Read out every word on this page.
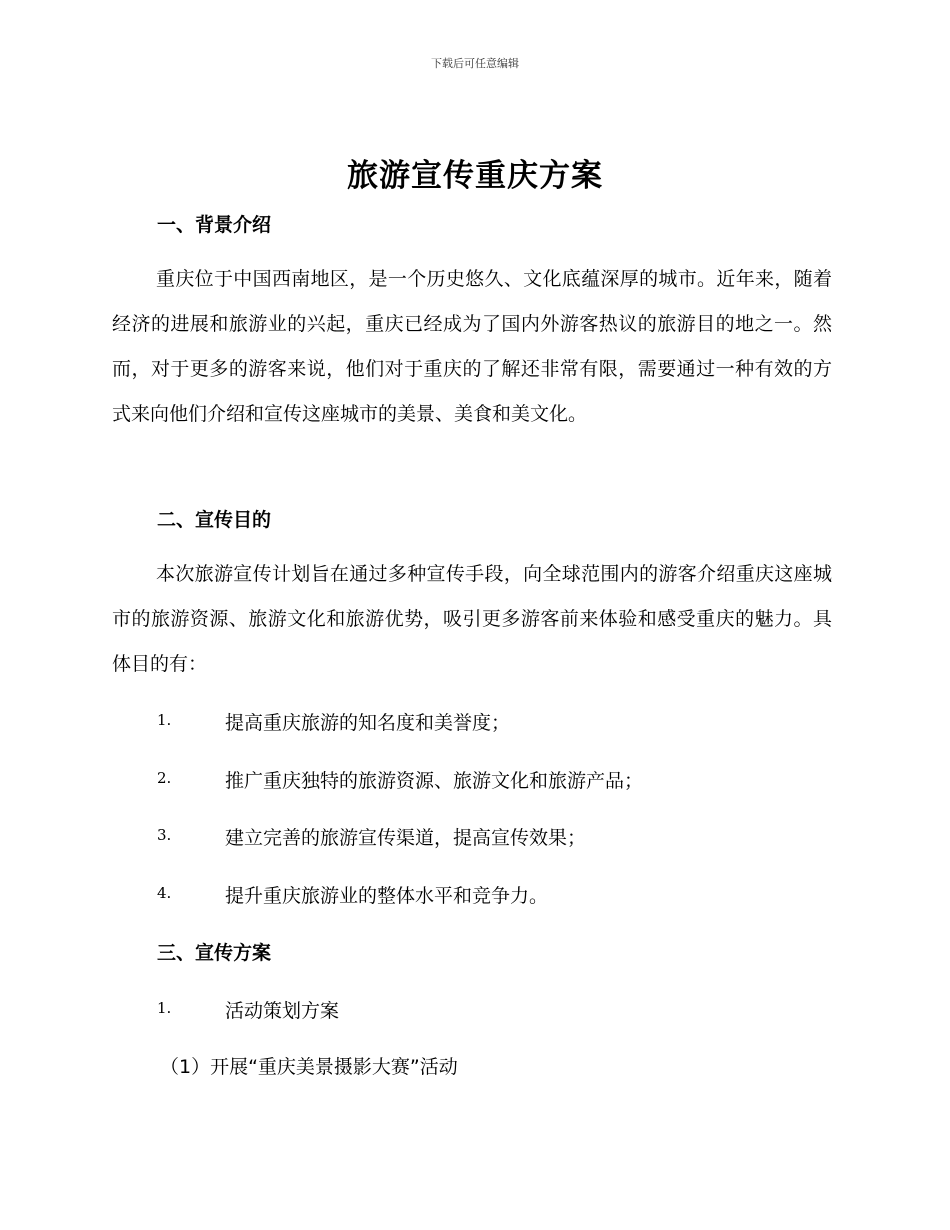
下载后可任意编辑
旅游宣传重庆方案
一、背景介绍
重庆位于中国西南地区，是一个历史悠久、文化底蕴深厚的城市。近年来，随着经济的进展和旅游业的兴起，重庆已经成为了国内外游客热议的旅游目的地之一。然而，对于更多的游客来说，他们对于重庆的了解还非常有限，需要通过一种有效的方式来向他们介绍和宣传这座城市的美景、美食和美文化。
二、宣传目的
本次旅游宣传计划旨在通过多种宣传手段，向全球范围内的游客介绍重庆这座城市的旅游资源、旅游文化和旅游优势，吸引更多游客前来体验和感受重庆的魅力。具体目的有：
1.	提高重庆旅游的知名度和美誉度；
2.	推广重庆独特的旅游资源、旅游文化和旅游产品；
3.	建立完善的旅游宣传渠道，提高宣传效果；
4.	提升重庆旅游业的整体水平和竞争力。
三、宣传方案
1.	活动策划方案
（1）开展“重庆美景摄影大赛”活动
